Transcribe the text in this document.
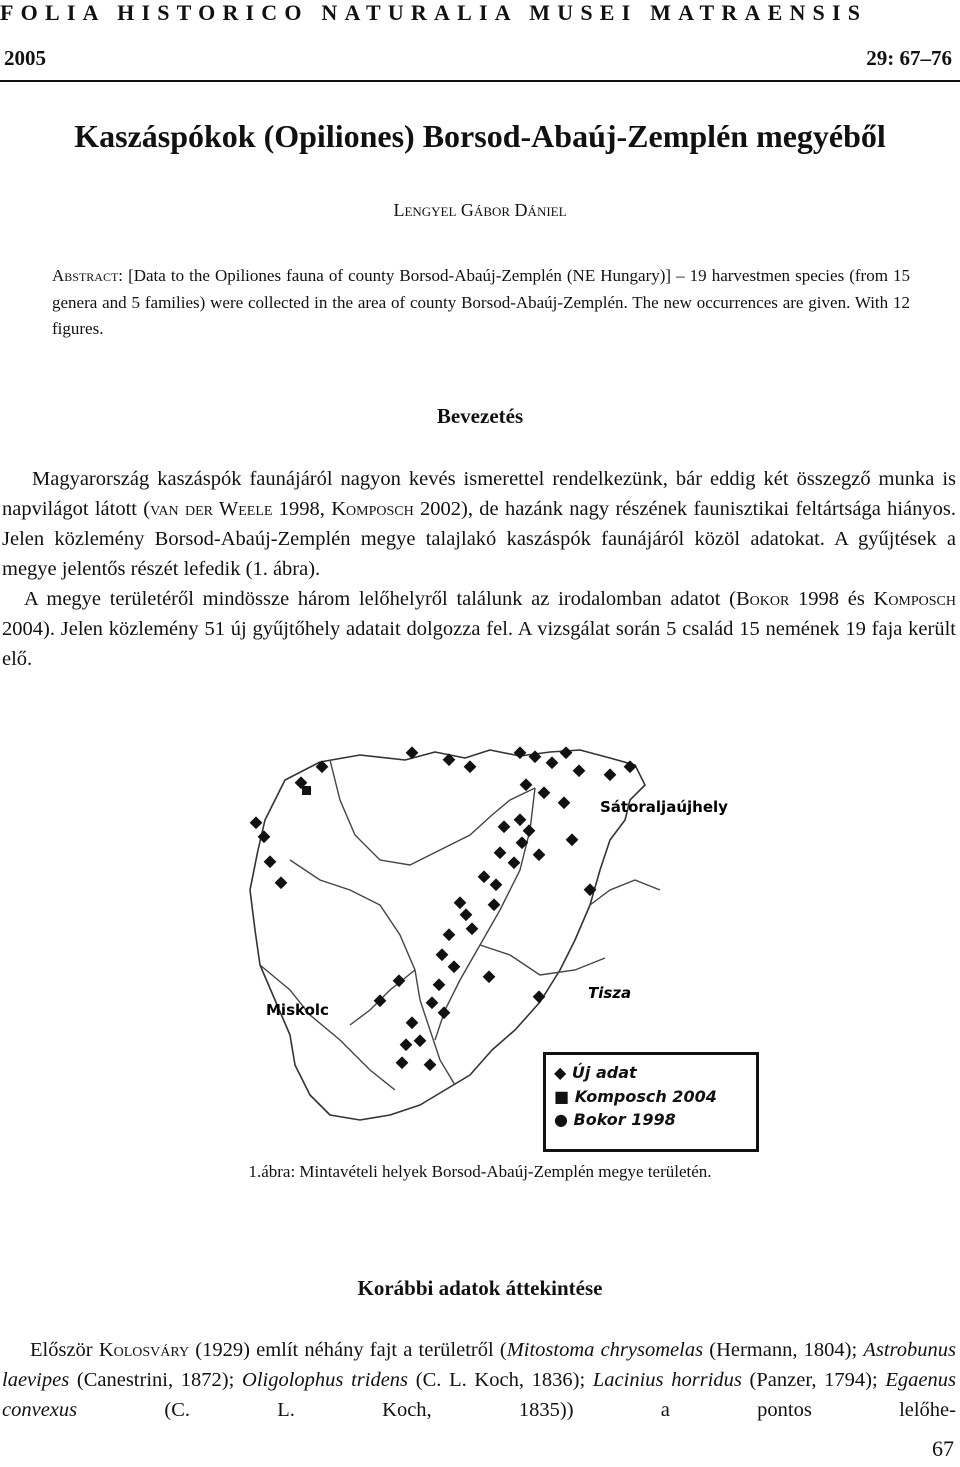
FOLIA HISTORICO NATURALIA MUSEI MATRAENSIS
2005	29: 67–76
Kaszáspókok (Opiliones) Borsod-Abaúj-Zemplén megyéből
Lengyel Gábor Dániel
Abstract: [Data to the Opiliones fauna of county Borsod-Abaúj-Zemplén (NE Hungary)] – 19 harvestmen species (from 15 genera and 5 families) were collected in the area of county Borsod-Abaúj-Zemplén. The new occurrences are given. With 12 figures.
Bevezetés

Magyarország kaszáspók faunájáról nagyon kevés ismerettel rendelkezünk, bár eddig két összegző munka is napvilágot látott (van der Weele 1998, Komposch 2002), de hazánk nagy részének faunisztikai feltártsága hiányos. Jelen közlemény Borsod-Abaúj-Zemplén megye talajlakó kaszáspók faunájáról közöl adatokat. A gyűjtések a megye jelentős részét lefedik (1. ábra).

A megye területéről mindössze három lelőhelyről találunk az irodalomban adatot (Bokor 1998 és Komposch 2004). Jelen közlemény 51 új gyűjtőhely adatait dolgozza fel. A vizsgálat során 5 család 15 nemének 19 faja került elő.

Sátoraljaújhely
Tisza
Miskolc
◆ Új adat
■ Komposch 2004
● Bokor 1998
1.ábra: Mintavételi helyek Borsod-Abaúj-Zemplén megye területén.
Korábbi adatok áttekintése

Először Kolosváry (1929) említ néhány fajt a területről (Mitostoma chrysomelas (Hermann, 1804); Astrobunus laevipes (Canestrini, 1872); Oligolophus tridens (C. L. Koch, 1836); Lacinius horridus (Panzer, 1794); Egaenus convexus (C. L. Koch, 1835)) a pontos lelőhe-

67
